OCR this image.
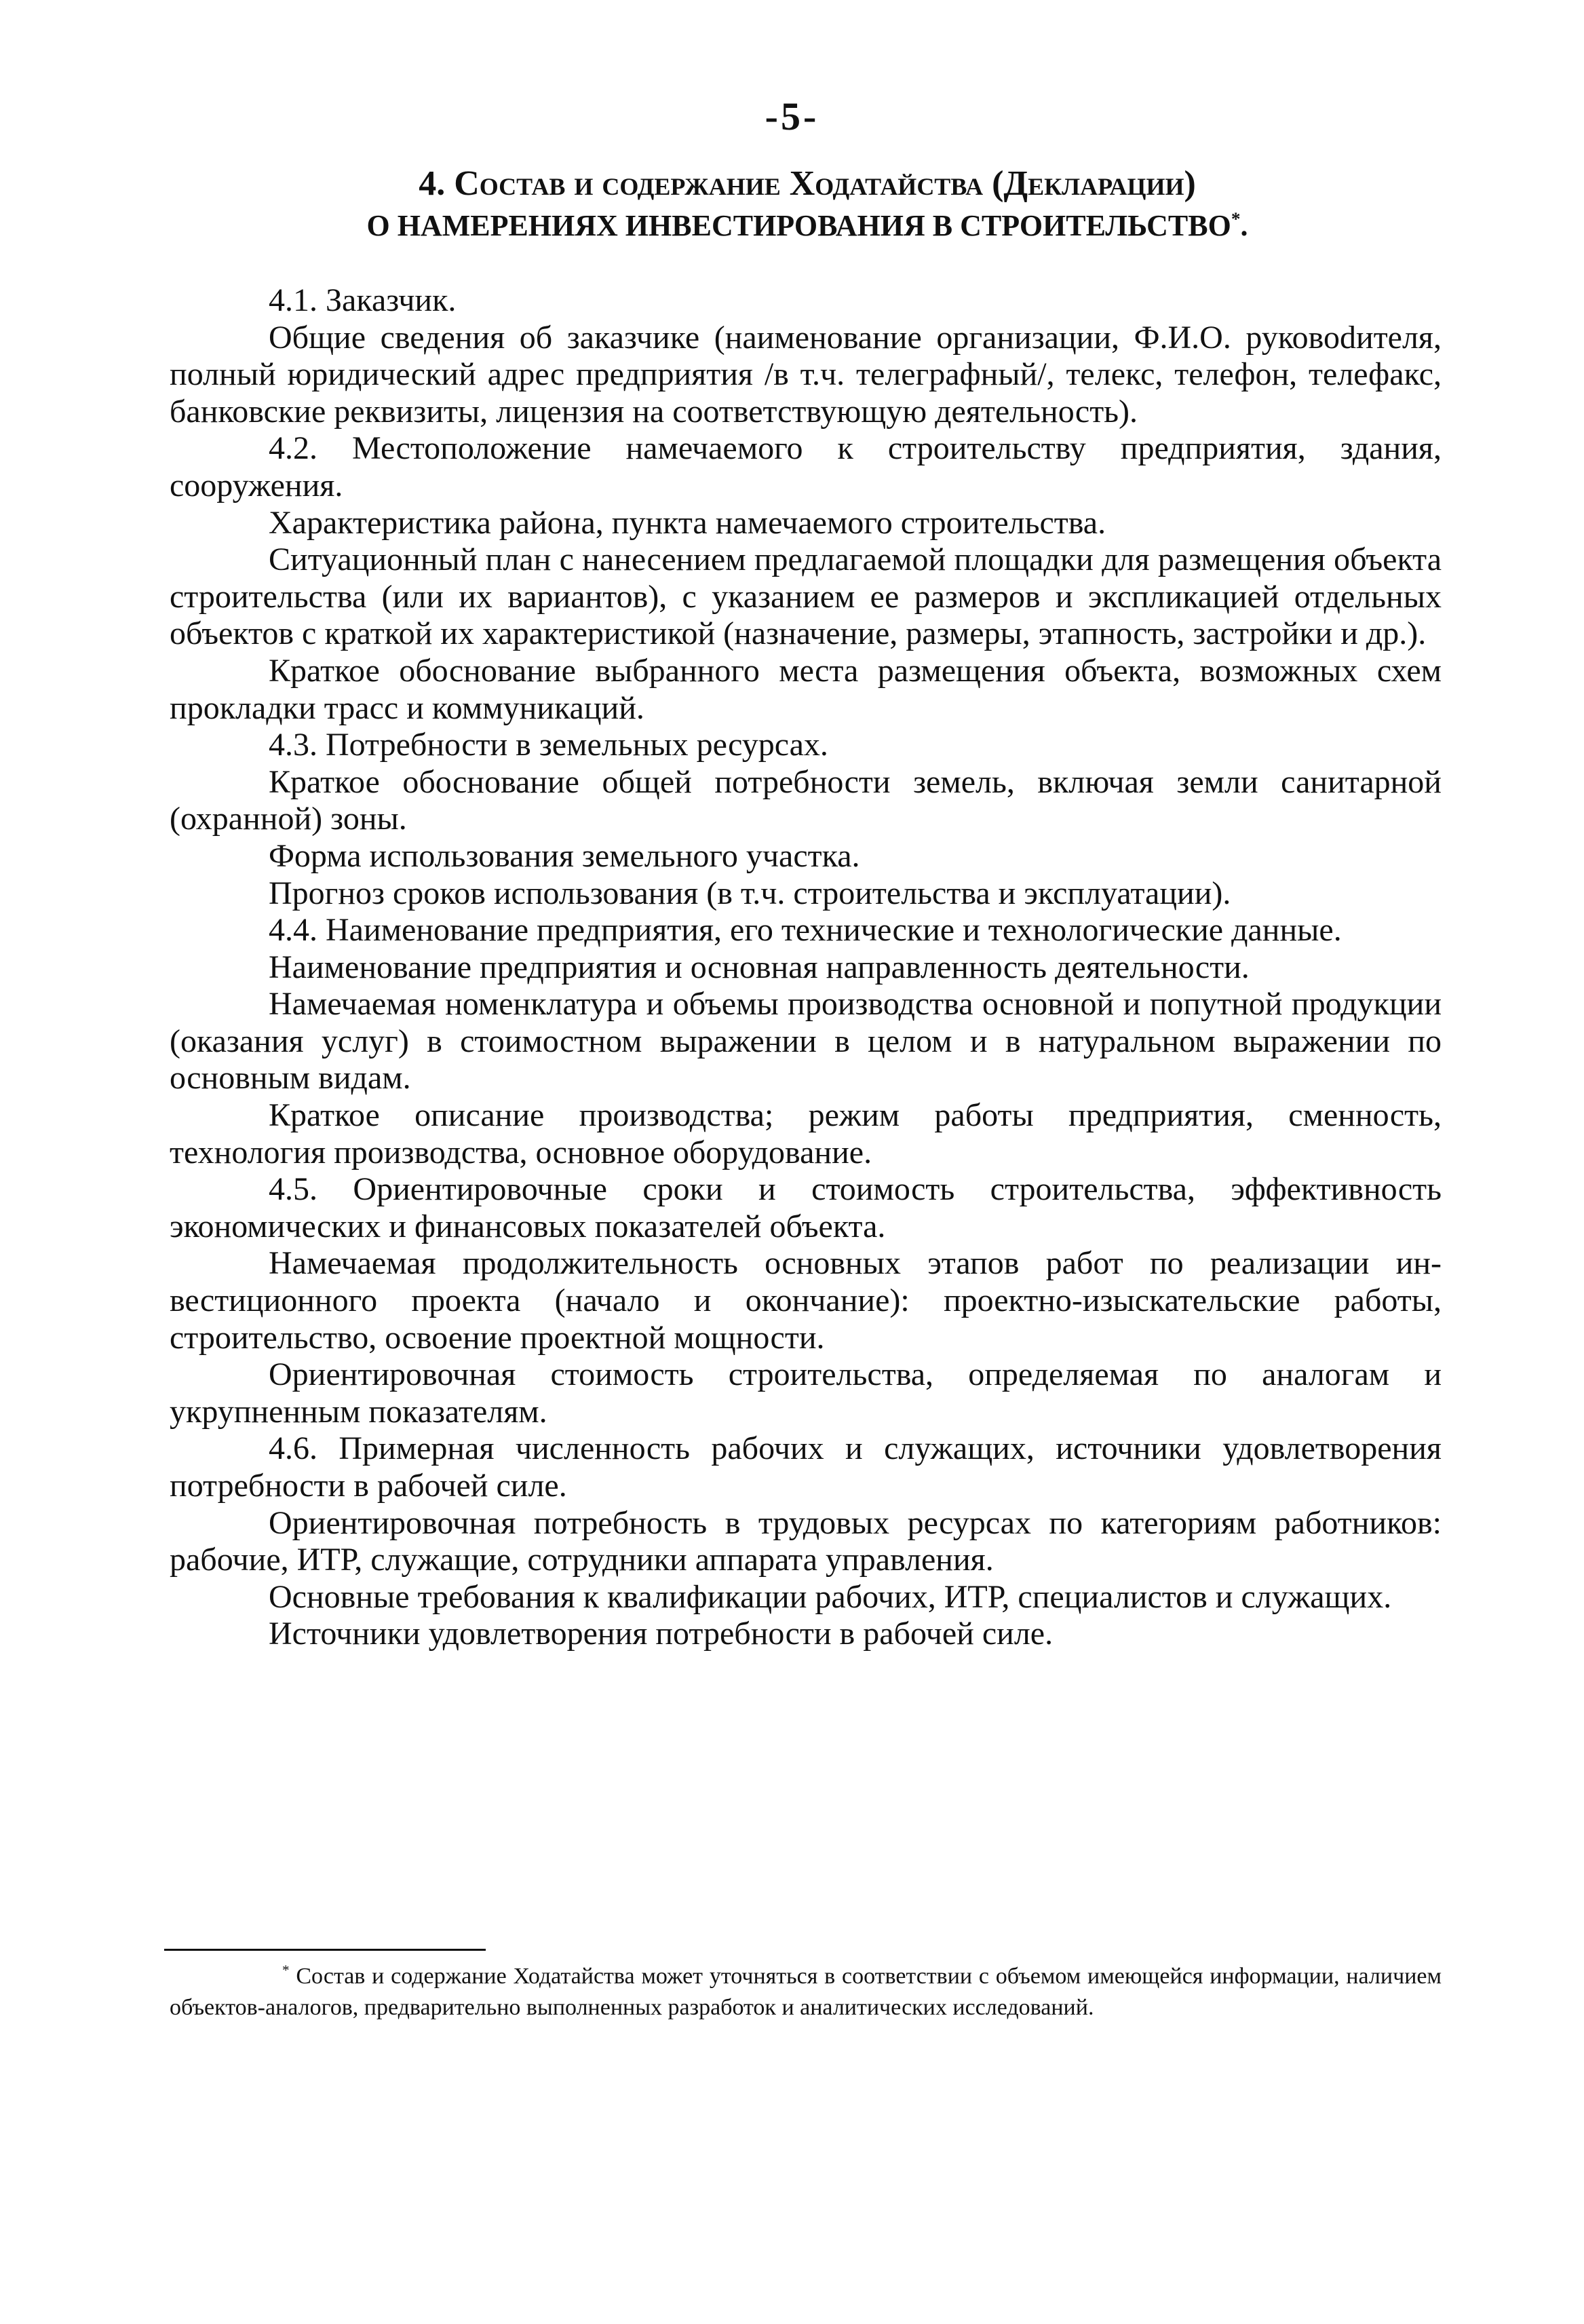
-5-
4. Состав и содержание Ходатайства (Декларации)
О НАМЕРЕНИЯХ ИНВЕСТИРОВАНИЯ В СТРОИТЕЛЬСТВО*.

4.1. Заказчик.

Общие сведения об заказчике (наименование организации, Ф.И.О. руковоdителя, полный юридический адрес предприятия /в т.ч. телеграфный/, телекс, телефон, телефакс, банковские реквизиты, лицензия на соответствующую деятельность).

4.2. Местоположение намечаемого к строительству предприятия, здания, сооружения.

Характеристика района, пункта намечаемого строительства.

Ситуационный план с нанесением предлагаемой площадки для размещения объекта строительства (или их вариантов), с указанием ее размеров и экспликацией отдельных объектов с краткой их характеристикой (назначение, размеры, этапность, застройки и др.).

Краткое обоснование выбранного места размещения объекта, возможных схем прокладки трасс и коммуникаций.

4.3. Потребности в земельных ресурсах.

Краткое обоснование общей потребности земель, включая земли санитарной (охранной) зоны.

Форма использования земельного участка.

Прогноз сроков использования (в т.ч. строительства и эксплуатации).

4.4. Наименование предприятия, его технические и технологические данные.

Наименование предприятия и основная направленность деятельности.

Намечаемая номенклатура и объемы производства основной и попутной продукции (оказания услуг) в стоимостном выражении в целом и в натуральном выражении по основным видам.

Краткое описание производства; режим работы предприятия, сменность, технология производства, основное оборудование.

4.5. Ориентировочные сроки и стоимость строительства, эффективность экономических и финансовых показателей объекта.

Намечаемая продолжительность основных этапов работ по реализации инвестиционного проекта (начало и окончание): проектно-изыскательские работы, строительство, освоение проектной мощности.

Ориентировочная стоимость строительства, определяемая по аналогам и укрупненным показателям.

4.6. Примерная численность рабочих и служащих, источники удовлетворения потребности в рабочей силе.

Ориентировочная потребность в трудовых ресурсах по категориям работников: рабочие, ИТР, служащие, сотрудники аппарата управления.

Основные требования к квалификации рабочих, ИТР, специалистов и служащих.

Источники удовлетворения потребности в рабочей силе.

* Состав и содержание Ходатайства может уточняться в соответствии с объемом имеющейся информации, наличием объектов-аналогов, предварительно выполненных разработок и аналитических исследований.
